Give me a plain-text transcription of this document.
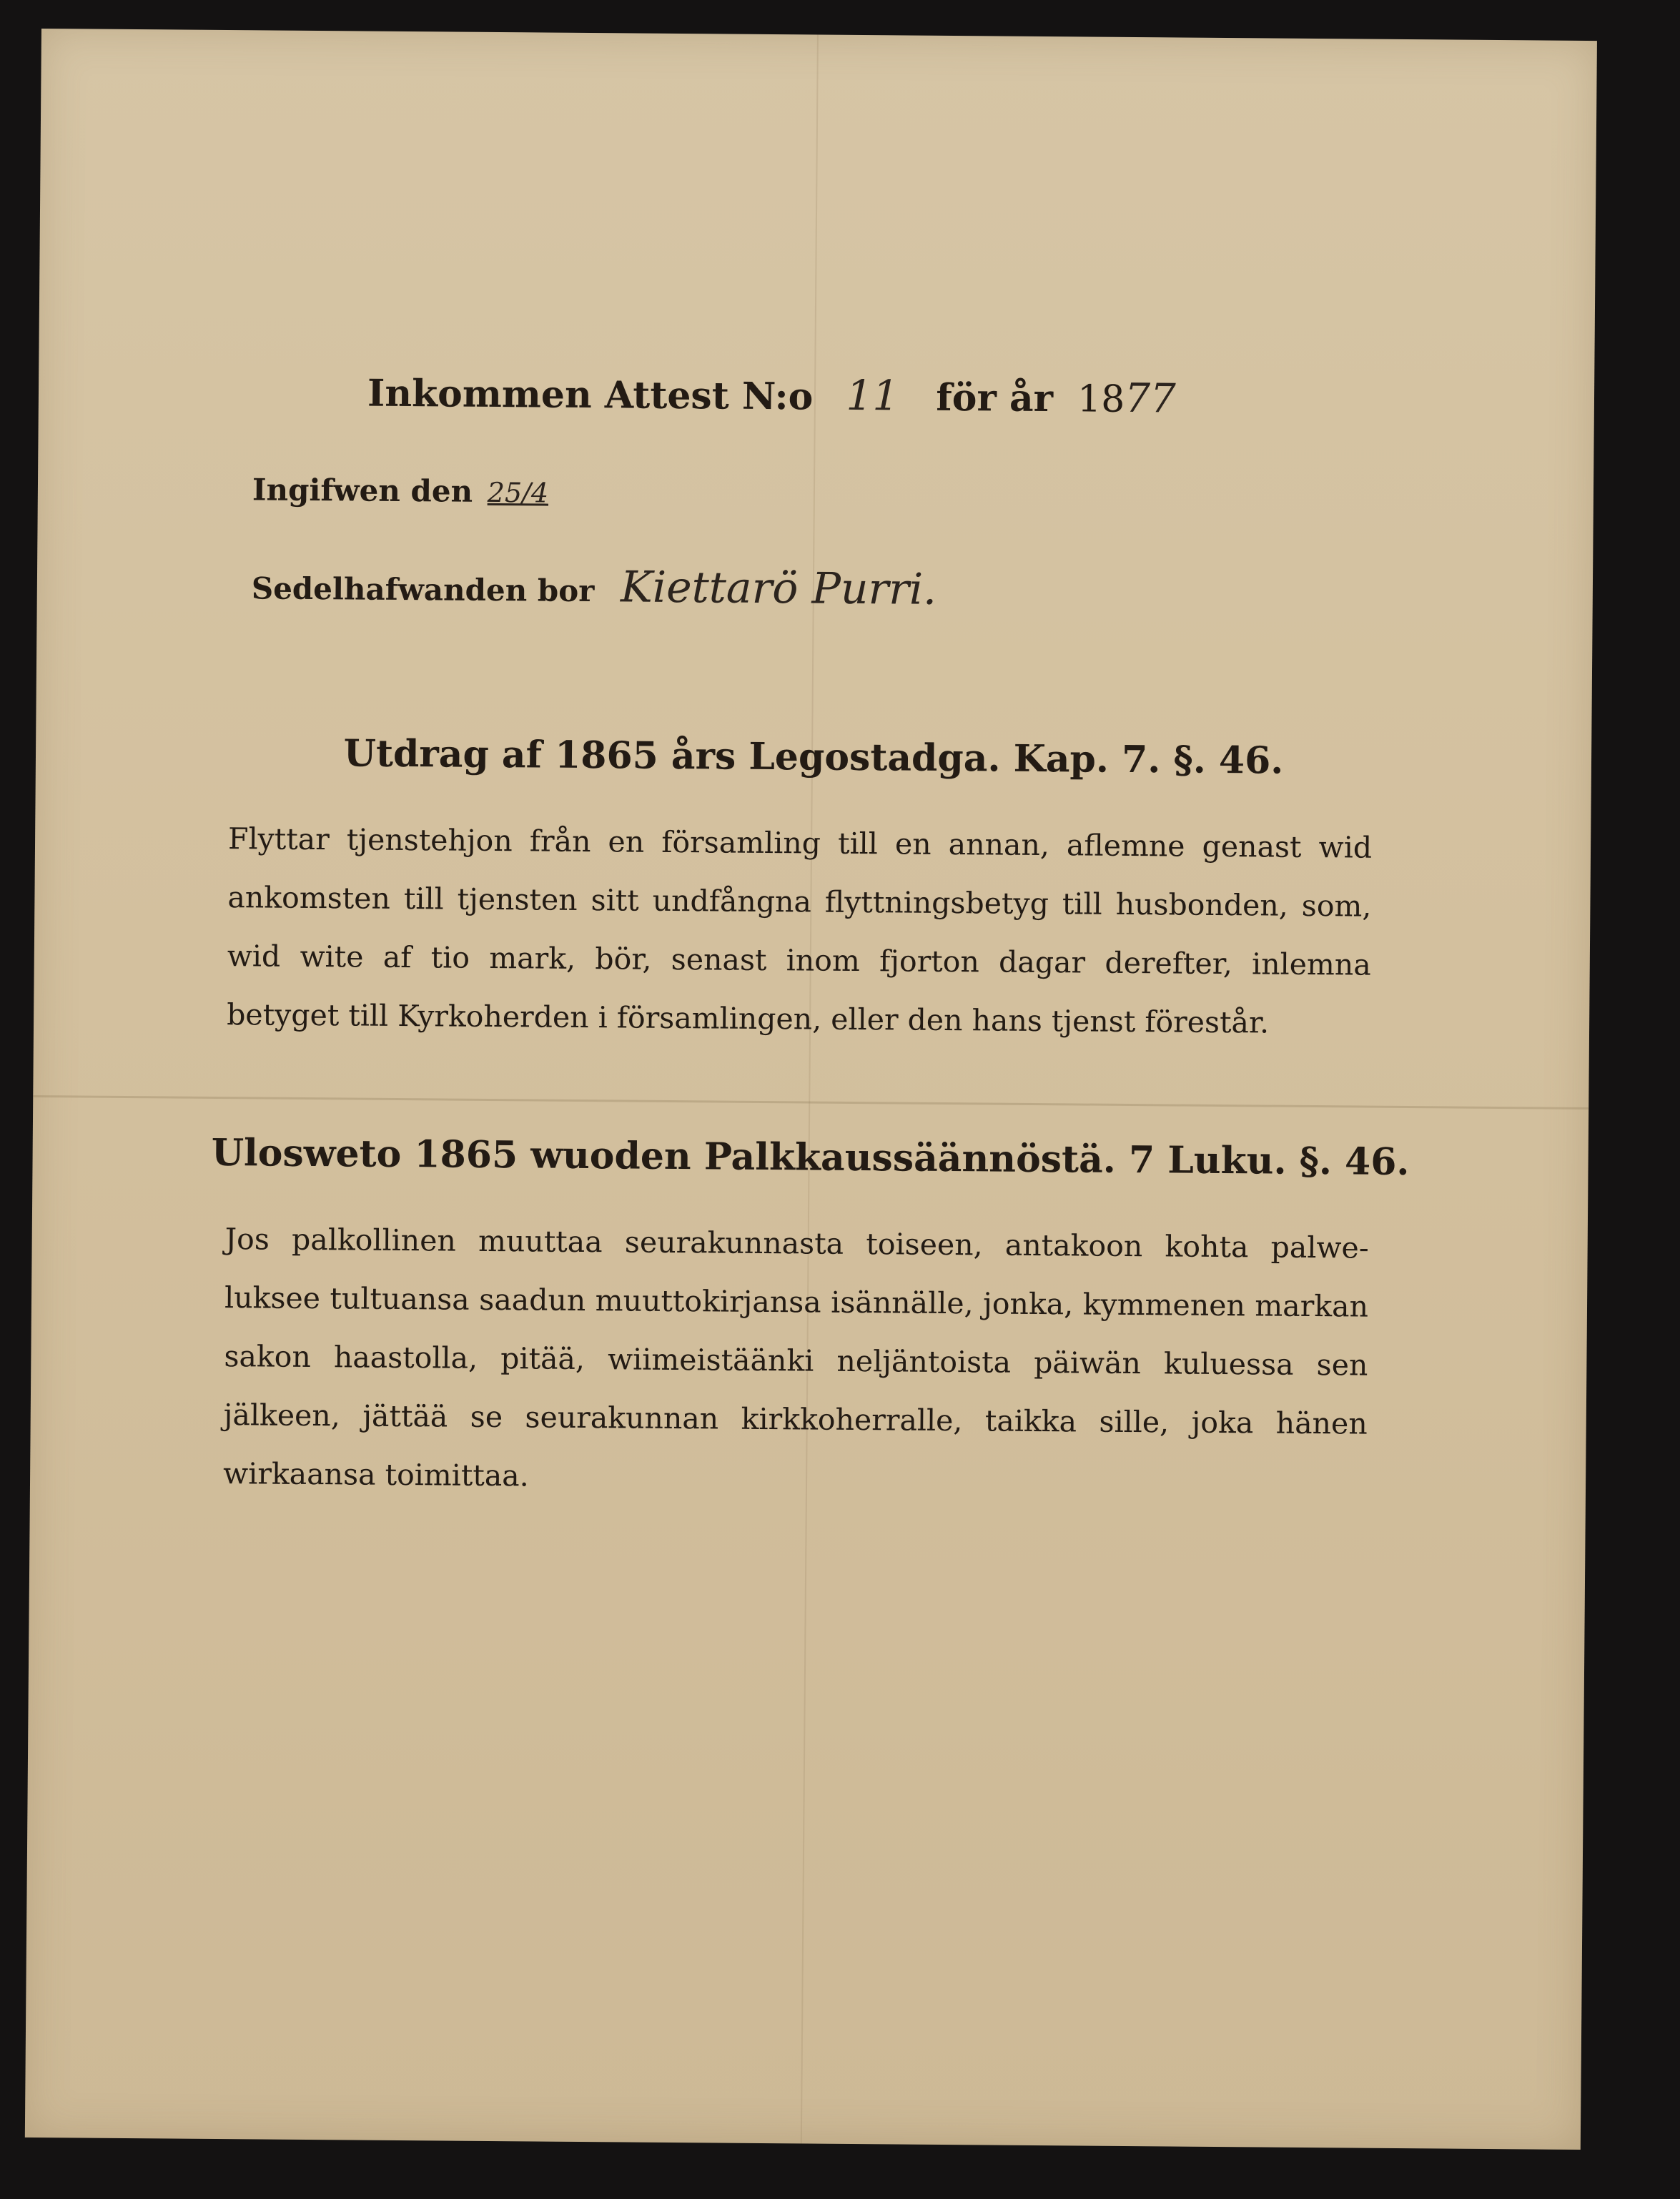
Inkommen Attest N:o 11 för år 1877
Ingifwen den 25/4
Sedelhafwanden bor Kiettarö Purri.
Utdrag af 1865 års Legostadga. Kap. 7. §. 46.
Flyttar tjenstehjon från en församling till en annan, aflemne genast wid ankomsten till tjensten sitt undfångna flyttningsbetyg till husbonden, som, wid wite af tio mark, bör, senast inom fjorton dagar derefter, inlemna betyget till Kyrkoherden i församlingen, eller den hans tjenst förestår.
Ulosweto 1865 wuoden Palkkaussäännöstä. 7 Luku. §. 46.
Jos palkollinen muuttaa seurakunnasta toiseen, antakoon kohta palwe-luksee tultuansa saadun muuttokirjansa isännälle, jonka, kymmenen markan sakon haastolla, pitää, wiimeistäänki neljäntoista päiwän kuluessa sen jälkeen, jättää se seurakunnan kirkkoherralle, taikka sille, joka hänen wirkaansa toimittaa.
